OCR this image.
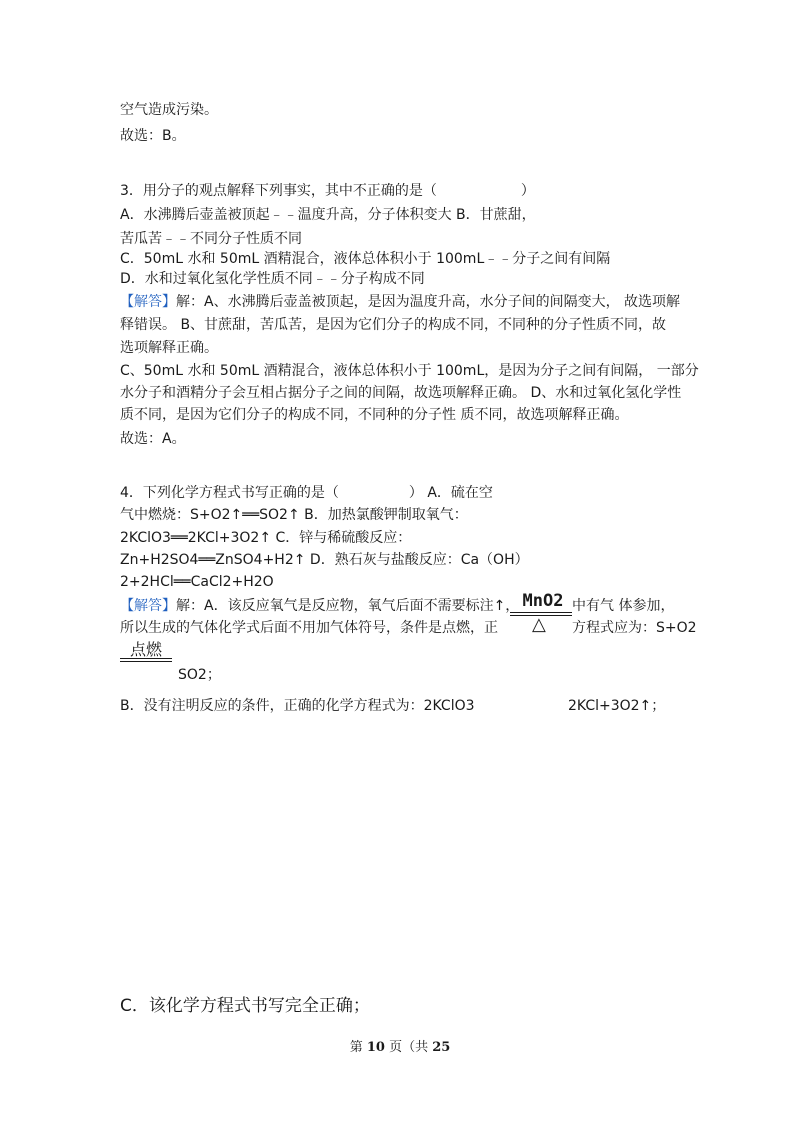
空气造成污染。
故选：B。
3．用分子的观点解释下列事实，其中不正确的是（　　　　　　）
A．水沸腾后壶盖被顶起﹣﹣温度升高，分子体积变大 B．甘蔗甜，
苦瓜苦﹣﹣不同分子性质不同
C．50mL 水和 50mL 酒精混合，液体总体积小于 100mL﹣﹣分子之间有间隔
D．水和过氧化氢化学性质不同﹣﹣分子构成不同
【解答】解：A、水沸腾后壶盖被顶起，是因为温度升高，水分子间的间隔变大， 故选项解
释错误。 B、甘蔗甜，苦瓜苦，是因为它们分子的构成不同，不同种的分子性质不同，故
选项解释正确。
C、50mL 水和 50mL 酒精混合，液体总体积小于 100mL，是因为分子之间有间隔， 一部分
水分子和酒精分子会互相占据分子之间的间隔，故选项解释正确。 D、水和过氧化氢化学性
质不同，是因为它们分子的构成不同，不同种的分子性 质不同，故选项解释正确。
故选：A。
4．下列化学方程式书写正确的是（　　　　　） A．硫在空
气中燃烧：S+O2↑══SO2↑ B．加热氯酸钾制取氧气：
2KClO3══2KCl+3O2↑ C．锌与稀硫酸反应：
Zn+H2SO4══ZnSO4+H2↑ D．熟石灰与盐酸反应：Ca（OH）
2+2HCl══CaCl2+H2O
【解答】解：A．该反应氧气是反应物，氧气后面不需要标注↑，	中有气 体参加，
MnO2
△
所以生成的气体化学式后面不用加气体符号，条件是点燃，正	方程式应为：S+O2
点燃
SO2；
B．没有注明反应的条件，正确的化学方程式为：2KClO3	2KCl+3O2↑；
C．该化学方程式书写完全正确；
第 10 页（共 25
